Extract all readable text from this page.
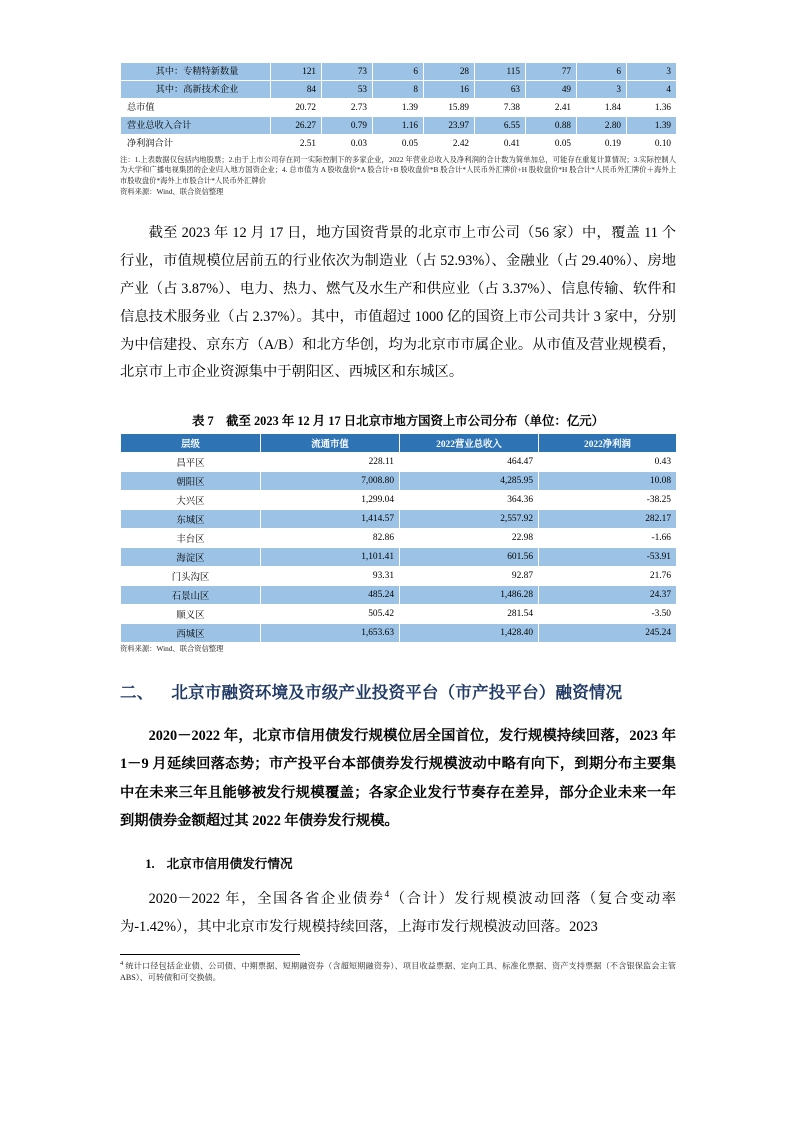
其中：专精特新数量	121	73	6	28	115	77	6	3
其中：高新技术企业	84	53	8	16	63	49	3	4
总市值	20.72	2.73	1.39	15.89	7.38	2.41	1.84	1.36
营业总收入合计	26.27	0.79	1.16	23.97	6.55	0.88	2.80	1.39
净利润合计	2.51	0.03	0.05	2.42	0.41	0.05	0.19	0.10
注：1.上表数据仅包括内地股票；2.由于上市公司存在同一实际控制下的多家企业，2022 年营业总收入及净利润的合计数为简单加总，可能存在重复计算情况；3.实际控制人为大学和广播电视集团的企业归入地方国资企业；4. 总市值为 A 股收盘价*A 股合计+B 股收盘价*B 股合计*人民币外汇牌价+H 股收盘价*H 股合计*人民币外汇牌价＋海外上市股收盘价*海外上市股合计*人民币外汇牌价
资料来源：Wind、联合资信整理

截至 2023 年 12 月 17 日，地方国资背景的北京市上市公司（56 家）中，覆盖 11 个行业，市值规模位居前五的行业依次为制造业（占 52.93%）、金融业（占 29.40%）、房地产业（占 3.87%）、电力、热力、燃气及水生产和供应业（占 3.37%）、信息传输、软件和信息技术服务业（占 2.37%）。其中，市值超过 1000 亿的国资上市公司共计 3 家中，分别为中信建投、京东方（A/B）和北方华创，均为北京市市属企业。从市值及营业规模看，北京市上市企业资源集中于朝阳区、西城区和东城区。

表 7　截至 2023 年 12 月 17 日北京市地方国资上市公司分布（单位：亿元）
层级	流通市值	2022营业总收入	2022净利润
昌平区	228.11	464.47	0.43
朝阳区	7,008.80	4,285.95	10.08
大兴区	1,299.04	364.36	-38.25
东城区	1,414.57	2,557.92	282.17
丰台区	82.86	22.98	-1.66
海淀区	1,101.41	601.56	-53.91
门头沟区	93.31	92.87	21.76
石景山区	485.24	1,486.28	24.37
顺义区	505.42	281.54	-3.50
西城区	1,653.63	1,428.40	245.24
资料来源：Wind、联合资信整理
二、 北京市融资环境及市级产业投资平台（市产投平台）融资情况

2020－2022 年，北京市信用债发行规模位居全国首位，发行规模持续回落，2023 年 1－9 月延续回落态势；市产投平台本部债券发行规模波动中略有向下，到期分布主要集中在未来三年且能够被发行规模覆盖；各家企业发行节奏存在差异，部分企业未来一年到期债券金额超过其 2022 年债券发行规模。

1. 北京市信用债发行情况

2020－2022 年，全国各省企业债券$^4$（合计）发行规模波动回落（复合变动率为-1.42%），其中北京市发行规模持续回落，上海市发行规模波动回落。2023

$^4$ 统计口径包括企业债、公司债、中期票据、短期融资券（含超短期融资券）、项目收益票据、定向工具、标准化票据、资产支持票据（不含银保监会主管 ABS）、可转债和可交换债。
